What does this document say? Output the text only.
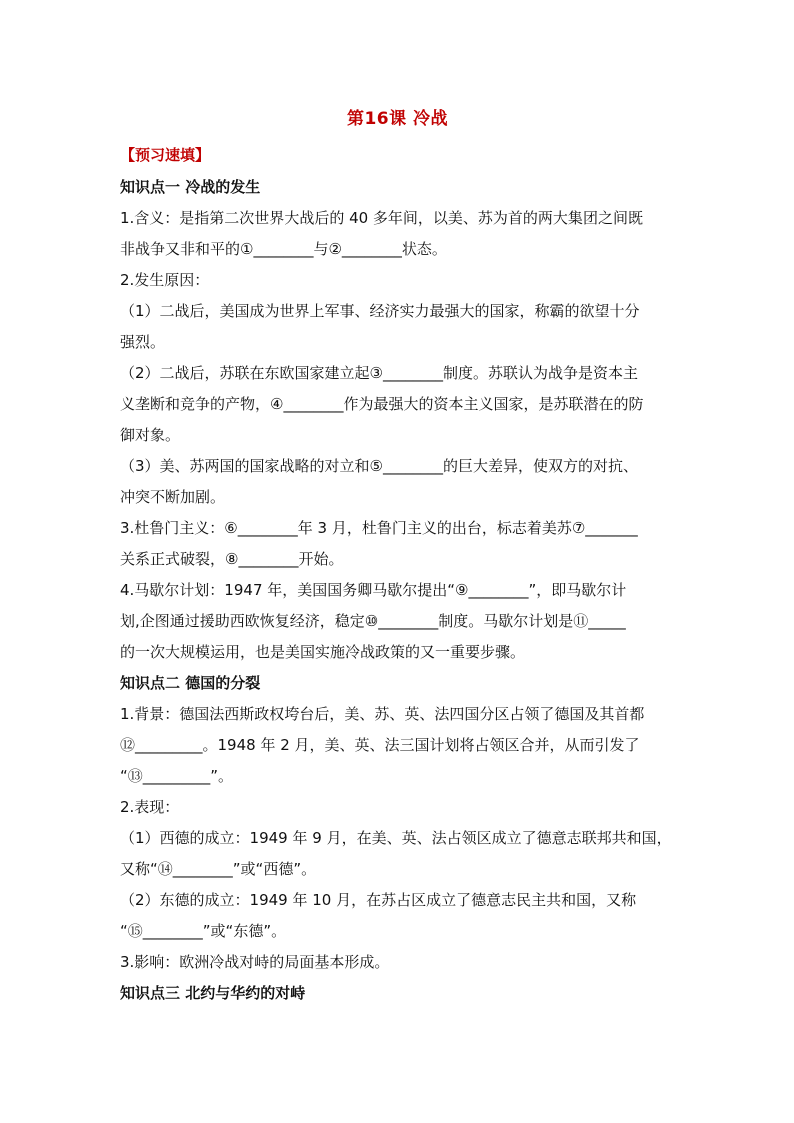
第16课 冷战
【预习速填】

知识点一 冷战的发生

1.含义：是指第二次世界大战后的 40 多年间，以美、苏为首的两大集团之间既

非战争又非和平的①________与②________状态。

2.发生原因：

（1）二战后，美国成为世界上军事、经济实力最强大的国家，称霸的欲望十分

强烈。

（2）二战后，苏联在东欧国家建立起③________制度。苏联认为战争是资本主

义垄断和竞争的产物，④________作为最强大的资本主义国家，是苏联潜在的防

御对象。

（3）美、苏两国的国家战略的对立和⑤________的巨大差异，使双方的对抗、

冲突不断加剧。

3.杜鲁门主义：⑥________年 3 月，杜鲁门主义的出台，标志着美苏⑦_______

关系正式破裂，⑧________开始。

4.马歇尔计划：1947 年，美国国务卿马歇尔提出“⑨________”，即马歇尔计

划,企图通过援助西欧恢复经济，稳定⑩________制度。马歇尔计划是⑪_____

的一次大规模运用，也是美国实施冷战政策的又一重要步骤。

知识点二 德国的分裂

1.背景：德国法西斯政权垮台后，美、苏、英、法四国分区占领了德国及其首都

⑫_________。1948 年 2 月，美、英、法三国计划将占领区合并，从而引发了

“⑬_________”。

2.表现：

（1）西德的成立：1949 年 9 月，在美、英、法占领区成立了德意志联邦共和国，

又称“⑭________”或“西德”。

（2）东德的成立：1949 年 10 月，在苏占区成立了德意志民主共和国，又称

“⑮________”或“东德”。

3.影响：欧洲冷战对峙的局面基本形成。

知识点三 北约与华约的对峙
